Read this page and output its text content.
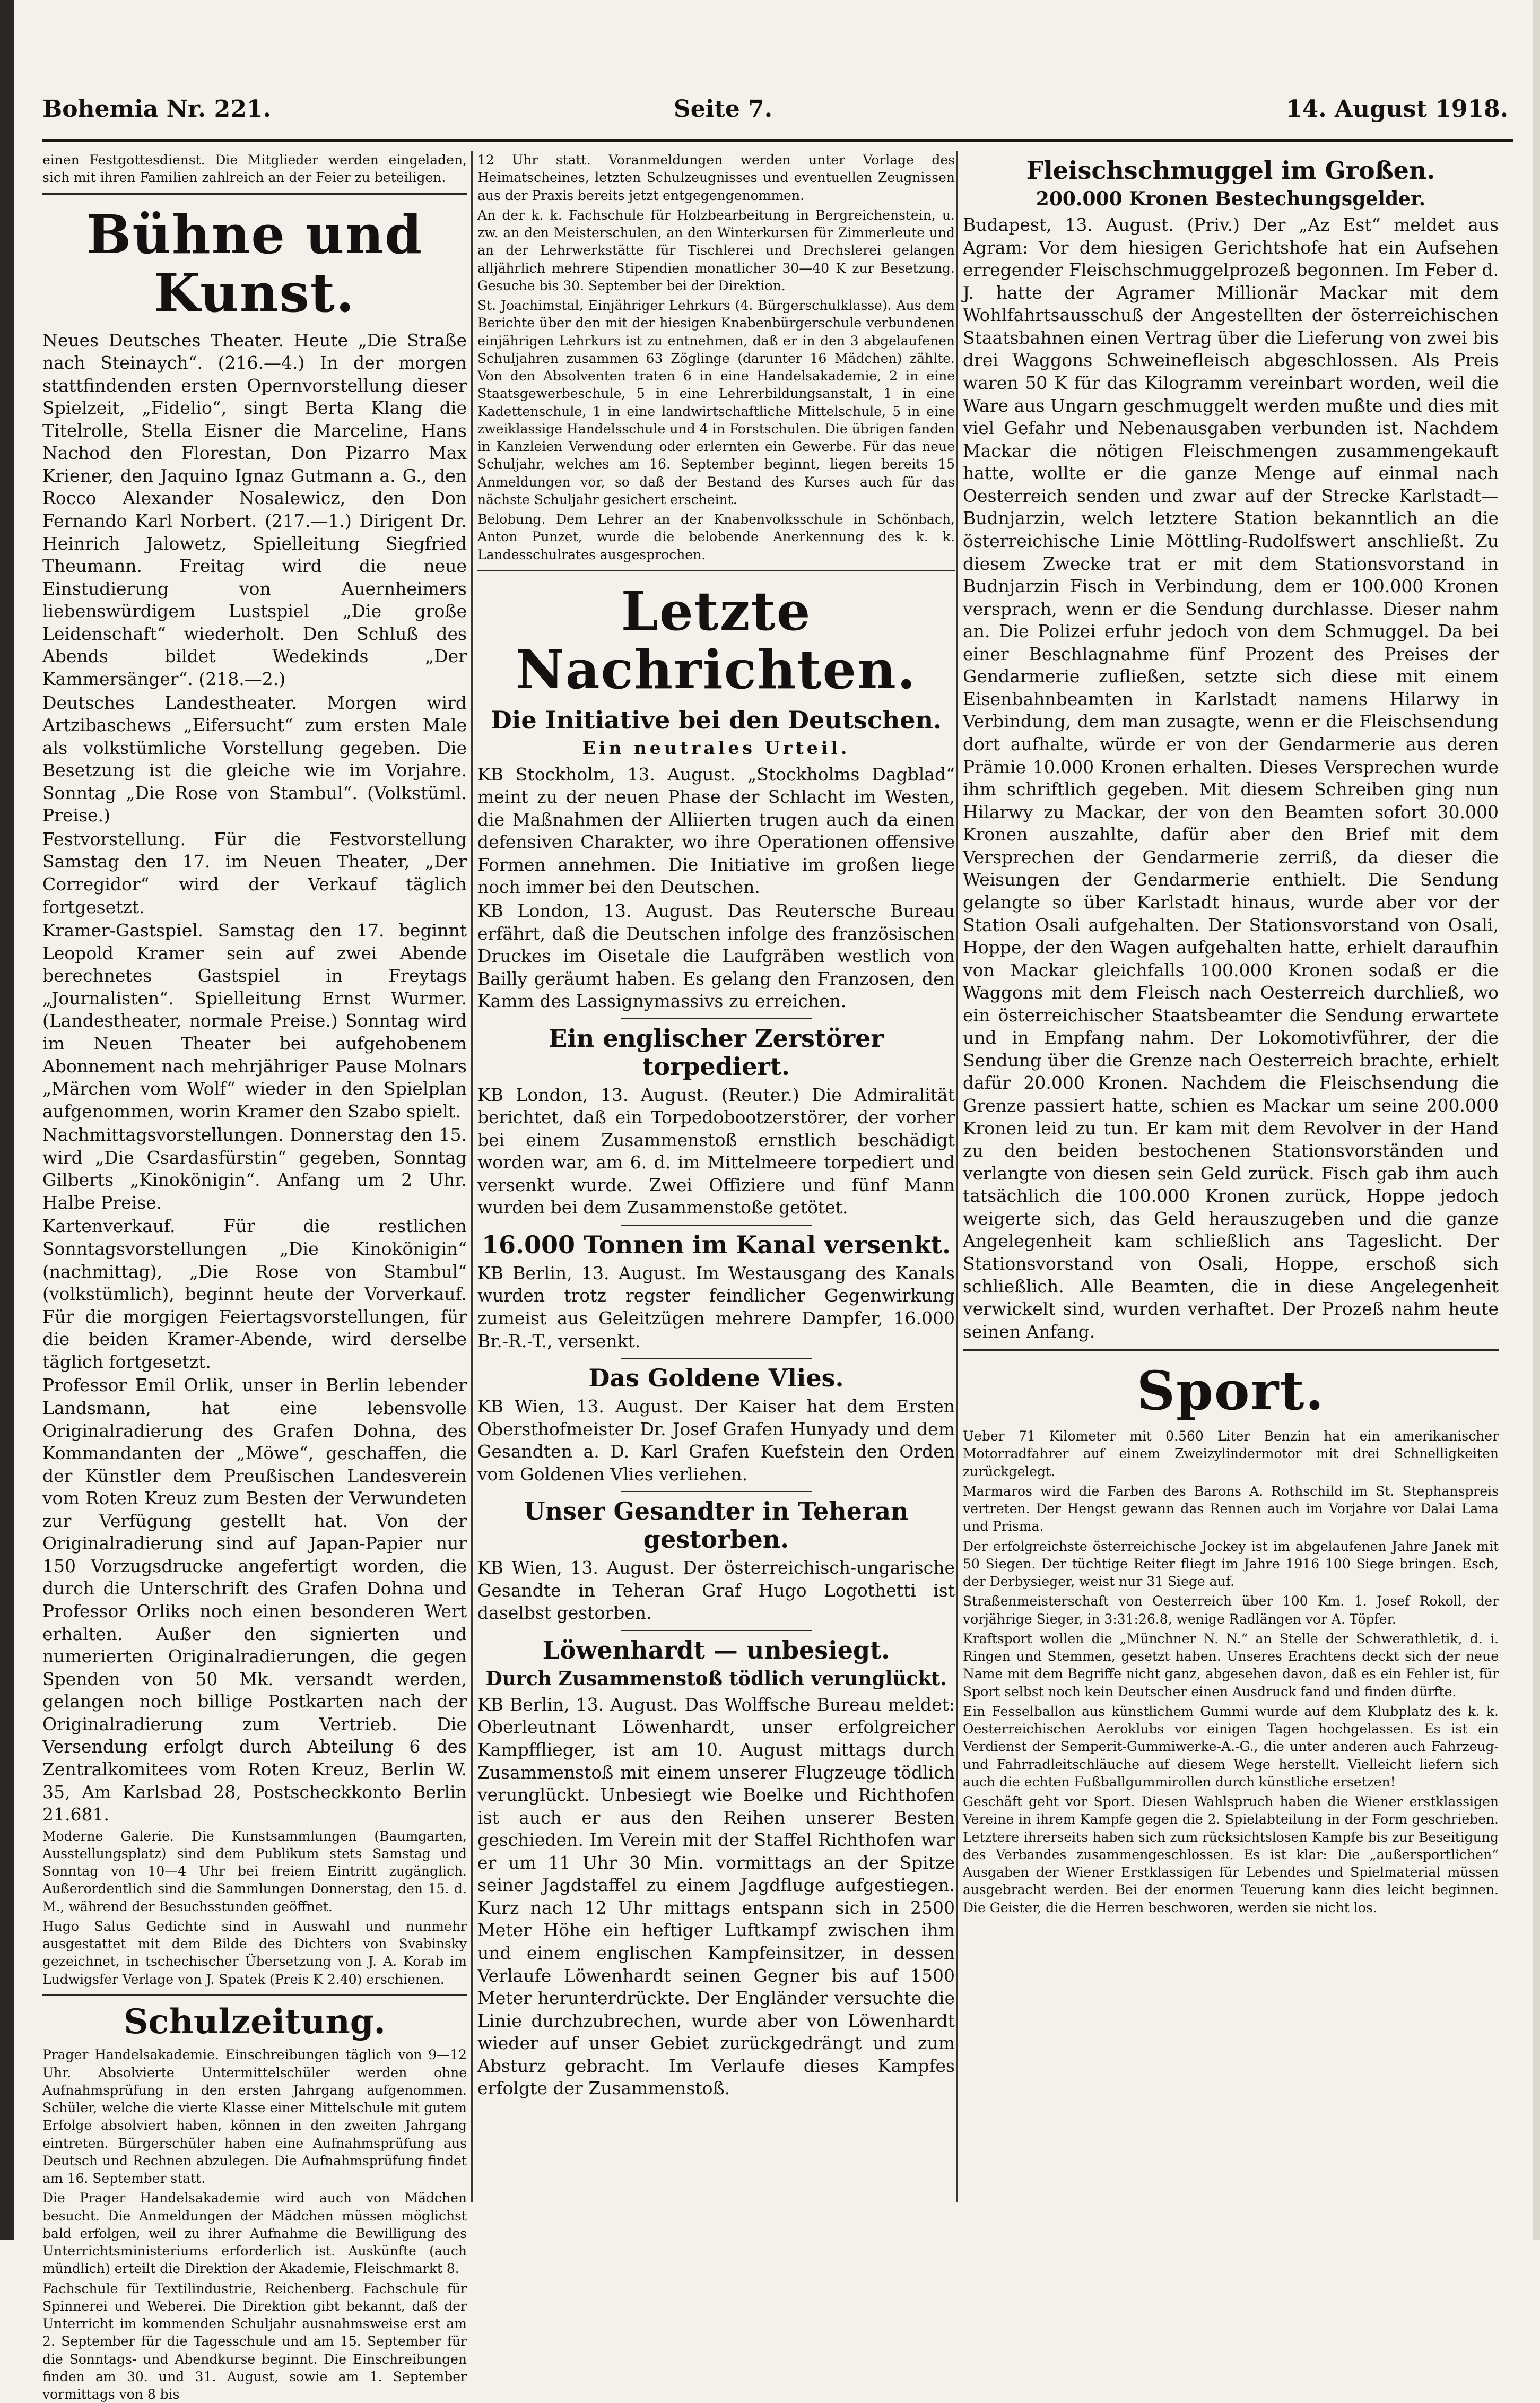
Bohemia Nr. 221.	Seite 7.	14. August 1918.

einen Festgottesdienst. Die Mitglieder werden eingeladen, sich mit ihren Familien zahlreich an der Feier zu beteiligen.

Bühne und Kunst.

Neues Deutsches Theater. Heute „Die Straße nach Steinaych“. (216.—4.) In der morgen stattfindenden ersten Opernvorstellung dieser Spielzeit, „Fidelio“, singt Berta Klang die Titelrolle, Stella Eisner die Marceline, Hans Nachod den Florestan, Don Pizarro Max Kriener, den Jaquino Ignaz Gutmann a. G., den Rocco Alexander Nosalewicz, den Don Fernando Karl Norbert. (217.—1.) Dirigent Dr. Heinrich Jalowetz, Spielleitung Siegfried Theumann. Freitag wird die neue Einstudierung von Auernheimers liebenswürdigem Lustspiel „Die große Leidenschaft“ wiederholt. Den Schluß des Abends bildet Wedekinds „Der Kammersänger“. (218.—2.)

Deutsches Landestheater. Morgen wird Artzibaschews „Eifersucht“ zum ersten Male als volkstümliche Vorstellung gegeben. Die Besetzung ist die gleiche wie im Vorjahre. Sonntag „Die Rose von Stambul“. (Volkstüml. Preise.)

Festvorstellung. Für die Festvorstellung Samstag den 17. im Neuen Theater, „Der Corregidor“ wird der Verkauf täglich fortgesetzt.

Kramer-Gastspiel. Samstag den 17. beginnt Leopold Kramer sein auf zwei Abende berechnetes Gastspiel in Freytags „Journalisten“. Spielleitung Ernst Wurmer. (Landestheater, normale Preise.) Sonntag wird im Neuen Theater bei aufgehobenem Abonnement nach mehrjähriger Pause Molnars „Märchen vom Wolf“ wieder in den Spielplan aufgenommen, worin Kramer den Szabo spielt.

Nachmittagsvorstellungen. Donnerstag den 15. wird „Die Csardasfürstin“ gegeben, Sonntag Gilberts „Kinokönigin“. Anfang um 2 Uhr. Halbe Preise.

Kartenverkauf. Für die restlichen Sonntagsvorstellungen „Die Kinokönigin“ (nachmittag), „Die Rose von Stambul“ (volkstümlich), beginnt heute der Vorverkauf. Für die morgigen Feiertagsvorstellungen, für die beiden Kramer-Abende, wird derselbe täglich fortgesetzt.

Professor Emil Orlik, unser in Berlin lebender Landsmann, hat eine lebensvolle Originalradierung des Grafen Dohna, des Kommandanten der „Möwe“, geschaffen, die der Künstler dem Preußischen Landesverein vom Roten Kreuz zum Besten der Verwundeten zur Verfügung gestellt hat. Von der Originalradierung sind auf Japan-Papier nur 150 Vorzugsdrucke angefertigt worden, die durch die Unterschrift des Grafen Dohna und Professor Orliks noch einen besonderen Wert erhalten. Außer den signierten und numerierten Originalradierungen, die gegen Spenden von 50 Mk. versandt werden, gelangen noch billige Postkarten nach der Originalradierung zum Vertrieb. Die Versendung erfolgt durch Abteilung 6 des Zentralkomitees vom Roten Kreuz, Berlin W. 35, Am Karlsbad 28, Postscheckkonto Berlin 21.681.

Moderne Galerie. Die Kunstsammlungen (Baumgarten, Ausstellungsplatz) sind dem Publikum stets Samstag und Sonntag von 10—4 Uhr bei freiem Eintritt zugänglich. Außerordentlich sind die Sammlungen Donnerstag, den 15. d. M., während der Besuchsstunden geöffnet.

Hugo Salus Gedichte sind in Auswahl und nunmehr ausgestattet mit dem Bilde des Dichters von Svabinsky gezeichnet, in tschechischer Übersetzung von J. A. Korab im Ludwigsfer Verlage von J. Spatek (Preis K 2.40) erschienen.

Schulzeitung.

Prager Handelsakademie. Einschreibungen täglich von 9—12 Uhr. Absolvierte Untermittelschüler werden ohne Aufnahmsprüfung in den ersten Jahrgang aufgenommen. Schüler, welche die vierte Klasse einer Mittelschule mit gutem Erfolge absolviert haben, können in den zweiten Jahrgang eintreten. Bürgerschüler haben eine Aufnahmsprüfung aus Deutsch und Rechnen abzulegen. Die Aufnahmsprüfung findet am 16. September statt.

Die Prager Handelsakademie wird auch von Mädchen besucht. Die Anmeldungen der Mädchen müssen möglichst bald erfolgen, weil zu ihrer Aufnahme die Bewilligung des Unterrichtsministeriums erforderlich ist. Auskünfte (auch mündlich) erteilt die Direktion der Akademie, Fleischmarkt 8.

Fachschule für Textilindustrie, Reichenberg. Fachschule für Spinnerei und Weberei. Die Direktion gibt bekannt, daß der Unterricht im kommenden Schuljahr ausnahmsweise erst am 2. September für die Tagesschule und am 15. September für die Sonntags- und Abendkurse beginnt. Die Einschreibungen finden am 30. und 31. August, sowie am 1. September vormittags von 8 bis

12 Uhr statt. Voranmeldungen werden unter Vorlage des Heimatscheines, letzten Schulzeugnisses und eventuellen Zeugnissen aus der Praxis bereits jetzt entgegengenommen.

An der k. k. Fachschule für Holzbearbeitung in Bergreichenstein, u. zw. an den Meisterschulen, an den Winterkursen für Zimmerleute und an der Lehrwerkstätte für Tischlerei und Drechslerei gelangen alljährlich mehrere Stipendien monatlicher 30—40 K zur Besetzung. Gesuche bis 30. September bei der Direktion.

St. Joachimstal, Einjähriger Lehrkurs (4. Bürgerschulklasse). Aus dem Berichte über den mit der hiesigen Knabenbürgerschule verbundenen einjährigen Lehrkurs ist zu entnehmen, daß er in den 3 abgelaufenen Schuljahren zusammen 63 Zöglinge (darunter 16 Mädchen) zählte. Von den Absolventen traten 6 in eine Handelsakademie, 2 in eine Staatsgewerbeschule, 5 in eine Lehrerbildungsanstalt, 1 in eine Kadettenschule, 1 in eine landwirtschaftliche Mittelschule, 5 in eine zweiklassige Handelsschule und 4 in Forstschulen. Die übrigen fanden in Kanzleien Verwendung oder erlernten ein Gewerbe. Für das neue Schuljahr, welches am 16. September beginnt, liegen bereits 15 Anmeldungen vor, so daß der Bestand des Kurses auch für das nächste Schuljahr gesichert erscheint.

Belobung. Dem Lehrer an der Knabenvolksschule in Schönbach, Anton Punzet, wurde die belobende Anerkennung des k. k. Landesschulrates ausgesprochen.

Letzte Nachrichten.
Die Initiative bei den Deutschen.
Ein neutrales Urteil.

KB Stockholm, 13. August. „Stockholms Dagblad“ meint zu der neuen Phase der Schlacht im Westen, die Maßnahmen der Alliierten trugen auch da einen defensiven Charakter, wo ihre Operationen offensive Formen annehmen. Die Initiative im großen liege noch immer bei den Deutschen.

KB London, 13. August. Das Reutersche Bureau erfährt, daß die Deutschen infolge des französischen Druckes im Oisetale die Laufgräben westlich von Bailly geräumt haben. Es gelang den Franzosen, den Kamm des Lassignymassivs zu erreichen.

Ein englischer Zerstörer torpediert.

KB London, 13. August. (Reuter.) Die Admiralität berichtet, daß ein Torpedobootzerstörer, der vorher bei einem Zusammenstoß ernstlich beschädigt worden war, am 6. d. im Mittelmeere torpediert und versenkt wurde. Zwei Offiziere und fünf Mann wurden bei dem Zusammenstoße getötet.

16.000 Tonnen im Kanal versenkt.

KB Berlin, 13. August. Im Westausgang des Kanals wurden trotz regster feindlicher Gegenwirkung zumeist aus Geleitzügen mehrere Dampfer, 16.000 Br.-R.-T., versenkt.

Das Goldene Vlies.

KB Wien, 13. August. Der Kaiser hat dem Ersten Obersthofmeister Dr. Josef Grafen Hunyady und dem Gesandten a. D. Karl Grafen Kuefstein den Orden vom Goldenen Vlies verliehen.

Unser Gesandter in Teheran gestorben.

KB Wien, 13. August. Der österreichisch-ungarische Gesandte in Teheran Graf Hugo Logothetti ist daselbst gestorben.

Löwenhardt — unbesiegt.
Durch Zusammenstoß tödlich verunglückt.

KB Berlin, 13. August. Das Wolffsche Bureau meldet: Oberleutnant Löwenhardt, unser erfolgreicher Kampfflieger, ist am 10. August mittags durch Zusammenstoß mit einem unserer Flugzeuge tödlich verunglückt. Unbesiegt wie Boelke und Richthofen ist auch er aus den Reihen unserer Besten geschieden. Im Verein mit der Staffel Richthofen war er um 11 Uhr 30 Min. vormittags an der Spitze seiner Jagdstaffel zu einem Jagdfluge aufgestiegen. Kurz nach 12 Uhr mittags entspann sich in 2500 Meter Höhe ein heftiger Luftkampf zwischen ihm und einem englischen Kampfeinsitzer, in dessen Verlaufe Löwenhardt seinen Gegner bis auf 1500 Meter herunterdrückte. Der Engländer versuchte die Linie durchzubrechen, wurde aber von Löwenhardt wieder auf unser Gebiet zurückgedrängt und zum Absturz gebracht. Im Verlaufe dieses Kampfes erfolgte der Zusammenstoß.

Fleischschmuggel im Großen.
200.000 Kronen Bestechungsgelder.

Budapest, 13. August. (Priv.) Der „Az Est“ meldet aus Agram: Vor dem hiesigen Gerichtshofe hat ein Aufsehen erregender Fleischschmuggelprozeß begonnen. Im Feber d. J. hatte der Agramer Millionär Mackar mit dem Wohlfahrtsausschuß der Angestellten der österreichischen Staatsbahnen einen Vertrag über die Lieferung von zwei bis drei Waggons Schweinefleisch abgeschlossen. Als Preis waren 50 K für das Kilogramm vereinbart worden, weil die Ware aus Ungarn geschmuggelt werden mußte und dies mit viel Gefahr und Nebenausgaben verbunden ist. Nachdem Mackar die nötigen Fleischmengen zusammengekauft hatte, wollte er die ganze Menge auf einmal nach Oesterreich senden und zwar auf der Strecke Karlstadt—Budnjarzin, welch letztere Station bekanntlich an die österreichische Linie Möttling-Rudolfswert anschließt. Zu diesem Zwecke trat er mit dem Stationsvorstand in Budnjarzin Fisch in Verbindung, dem er 100.000 Kronen versprach, wenn er die Sendung durchlasse. Dieser nahm an. Die Polizei erfuhr jedoch von dem Schmuggel. Da bei einer Beschlagnahme fünf Prozent des Preises der Gendarmerie zufließen, setzte sich diese mit einem Eisenbahnbeamten in Karlstadt namens Hilarwy in Verbindung, dem man zusagte, wenn er die Fleischsendung dort aufhalte, würde er von der Gendarmerie aus deren Prämie 10.000 Kronen erhalten. Dieses Versprechen wurde ihm schriftlich gegeben. Mit diesem Schreiben ging nun Hilarwy zu Mackar, der von den Beamten sofort 30.000 Kronen auszahlte, dafür aber den Brief mit dem Versprechen der Gendarmerie zerriß, da dieser die Weisungen der Gendarmerie enthielt. Die Sendung gelangte so über Karlstadt hinaus, wurde aber vor der Station Osali aufgehalten. Der Stationsvorstand von Osali, Hoppe, der den Wagen aufgehalten hatte, erhielt daraufhin von Mackar gleichfalls 100.000 Kronen sodaß er die Waggons mit dem Fleisch nach Oesterreich durchließ, wo ein österreichischer Staatsbeamter die Sendung erwartete und in Empfang nahm. Der Lokomotivführer, der die Sendung über die Grenze nach Oesterreich brachte, erhielt dafür 20.000 Kronen. Nachdem die Fleischsendung die Grenze passiert hatte, schien es Mackar um seine 200.000 Kronen leid zu tun. Er kam mit dem Revolver in der Hand zu den beiden bestochenen Stationsvorständen und verlangte von diesen sein Geld zurück. Fisch gab ihm auch tatsächlich die 100.000 Kronen zurück, Hoppe jedoch weigerte sich, das Geld herauszugeben und die ganze Angelegenheit kam schließlich ans Tageslicht. Der Stationsvorstand von Osali, Hoppe, erschoß sich schließlich. Alle Beamten, die in diese Angelegenheit verwickelt sind, wurden verhaftet. Der Prozeß nahm heute seinen Anfang.

Sport.

Ueber 71 Kilometer mit 0.560 Liter Benzin hat ein amerikanischer Motorradfahrer auf einem Zweizylindermotor mit drei Schnelligkeiten zurückgelegt.

Marmaros wird die Farben des Barons A. Rothschild im St. Stephanspreis vertreten. Der Hengst gewann das Rennen auch im Vorjahre vor Dalai Lama und Prisma.

Der erfolgreichste österreichische Jockey ist im abgelaufenen Jahre Janek mit 50 Siegen. Der tüchtige Reiter fliegt im Jahre 1916 100 Siege bringen. Esch, der Derbysieger, weist nur 31 Siege auf.

Straßenmeisterschaft von Oesterreich über 100 Km. 1. Josef Rokoll, der vorjährige Sieger, in 3:31:26.8, wenige Radlängen vor A. Töpfer.

Kraftsport wollen die „Münchner N. N.“ an Stelle der Schwerathletik, d. i. Ringen und Stemmen, gesetzt haben. Unseres Erachtens deckt sich der neue Name mit dem Begriffe nicht ganz, abgesehen davon, daß es ein Fehler ist, für Sport selbst noch kein Deutscher einen Ausdruck fand und finden dürfte.

Ein Fesselballon aus künstlichem Gummi wurde auf dem Klubplatz des k. k. Oesterreichischen Aeroklubs vor einigen Tagen hochgelassen. Es ist ein Verdienst der Semperit-Gummiwerke-A.-G., die unter anderen auch Fahrzeug- und Fahrradleitschläuche auf diesem Wege herstellt. Vielleicht liefern sich auch die echten Fußballgummirollen durch künstliche ersetzen!

Geschäft geht vor Sport. Diesen Wahlspruch haben die Wiener erstklassigen Vereine in ihrem Kampfe gegen die 2. Spielabteilung in der Form geschrieben. Letztere ihrerseits haben sich zum rücksichtslosen Kampfe bis zur Beseitigung des Verbandes zusammengeschlossen. Es ist klar: Die „außersportlichen“ Ausgaben der Wiener Erstklassigen für Lebendes und Spielmaterial müssen ausgebracht werden. Bei der enormen Teuerung kann dies leicht beginnen. Die Geister, die die Herren beschworen, werden sie nicht los.
